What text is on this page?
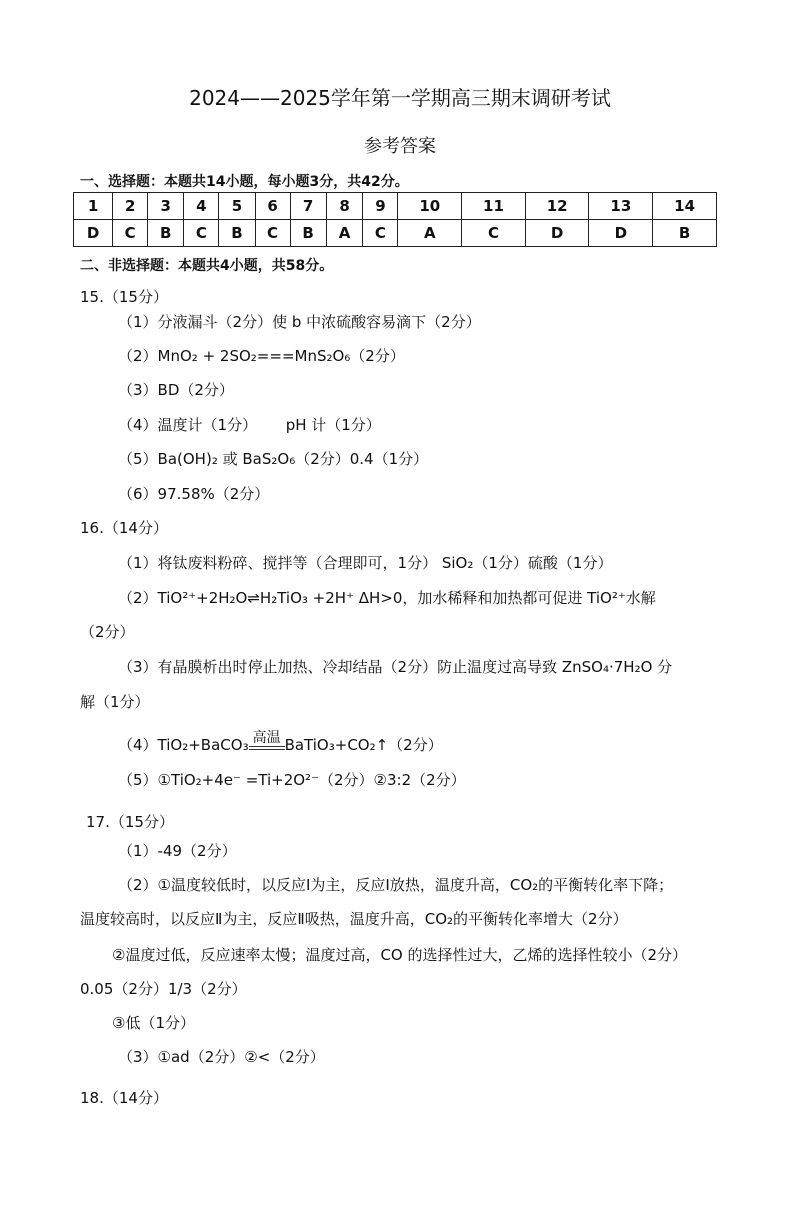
2024——2025学年第一学期高三期末调研考试
参考答案
一、选择题：本题共14小题，每小题3分，共42分。
1	2	3	4	5	6	7	8	9	10	11	12	13	14
D	C	B	C	B	C	B	A	C	A	C	D	D	B
二、非选择题：本题共4小题，共58分。
15.（15分）
（1）分液漏斗（2分）使 b 中浓硫酸容易滴下（2分）
（2）MnO₂ + 2SO₂===MnS₂O₆（2分）
（3）BD（2分）
（4）温度计（1分）      pH 计（1分）
（5）Ba(OH)₂ 或 BaS₂O₆（2分）0.4（1分）
（6）97.58%（2分）
16.（14分）
（1）将钛废料粉碎、搅拌等（合理即可，1分） SiO₂（1分）硫酸（1分）
（2）TiO²⁺+2H₂O⇌H₂TiO₃ +2H⁺ ΔH>0，加水稀释和加热都可促进 TiO²⁺水解
（2分）
（3）有晶膜析出时停止加热、冷却结晶（2分）防止温度过高导致 ZnSO₄·7H₂O 分
解（1分）
（4）TiO₂+BaCO₃ 高温 BaTiO₃+CO₂↑（2分）
（5）①TiO₂+4e⁻ =Ti+2O²⁻（2分）②3:2（2分）
17.（15分）
（1）-49（2分）
（2）①温度较低时，以反应Ⅰ为主，反应Ⅰ放热，温度升高，CO₂的平衡转化率下降；
温度较高时，以反应Ⅱ为主，反应Ⅱ吸热，温度升高，CO₂的平衡转化率增大（2分）
②温度过低，反应速率太慢；温度过高，CO 的选择性过大，乙烯的选择性较小（2分）
0.05（2分）1/3（2分）
③低（1分）
（3）①ad（2分）②<（2分）
18.（14分）
